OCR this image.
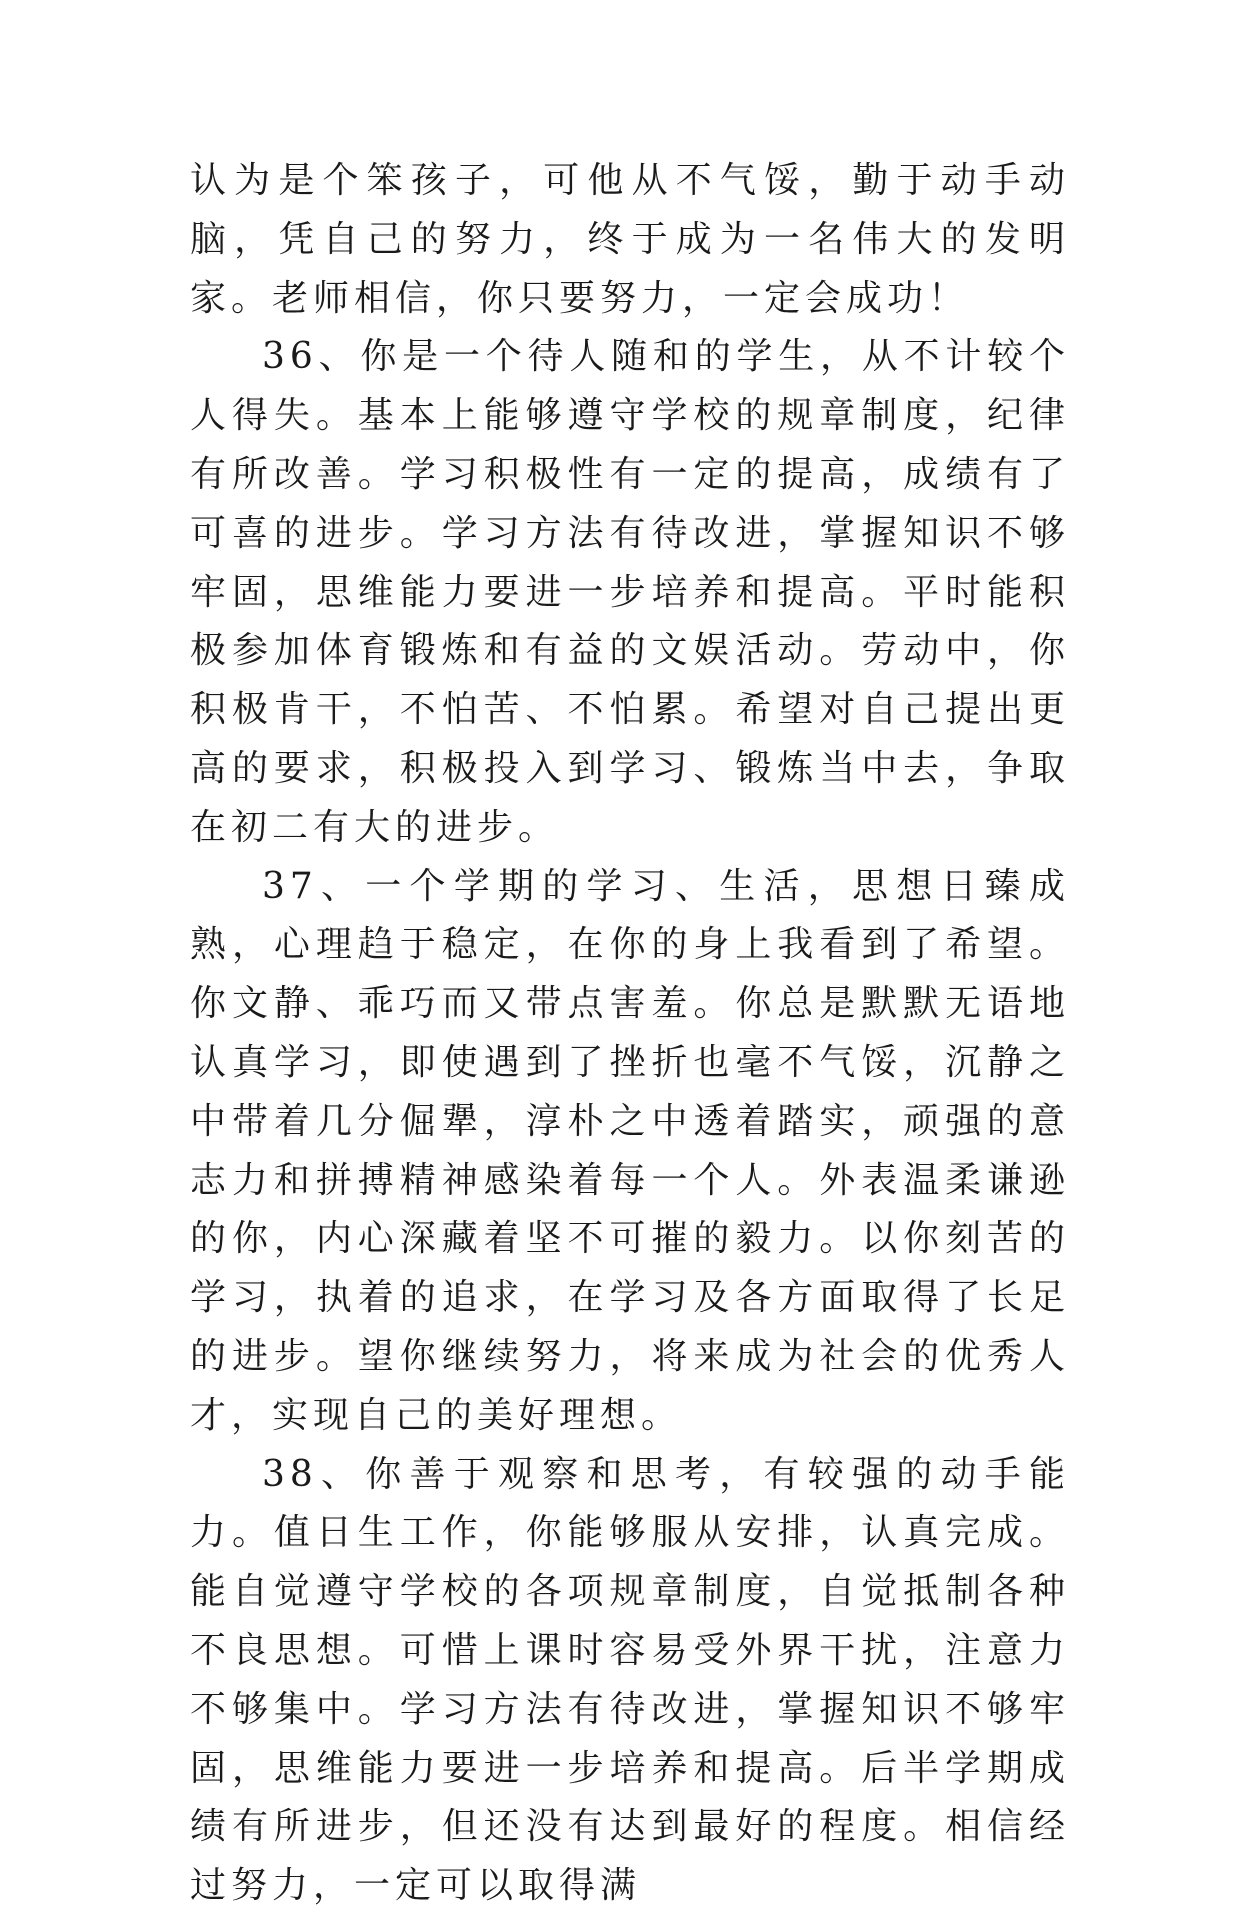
认为是个笨孩子，可他从不气馁，勤于动手动脑，凭自己的努力，终于成为一名伟大的发明家。老师相信，你只要努力，一定会成功！

36、你是一个待人随和的学生，从不计较个人得失。基本上能够遵守学校的规章制度，纪律有所改善。学习积极性有一定的提高，成绩有了可喜的进步。学习方法有待改进，掌握知识不够牢固，思维能力要进一步培养和提高。平时能积极参加体育锻炼和有益的文娱活动。劳动中，你积极肯干，不怕苦、不怕累。希望对自己提出更高的要求，积极投入到学习、锻炼当中去，争取在初二有大的进步。

37、一个学期的学习、生活，思想日臻成熟，心理趋于稳定，在你的身上我看到了希望。你文静、乖巧而又带点害羞。你总是默默无语地认真学习，即使遇到了挫折也毫不气馁，沉静之中带着几分倔犟，淳朴之中透着踏实，顽强的意志力和拼搏精神感染着每一个人。外表温柔谦逊的你，内心深藏着坚不可摧的毅力。以你刻苦的学习，执着的追求，在学习及各方面取得了长足的进步。望你继续努力，将来成为社会的优秀人才，实现自己的美好理想。

38、你善于观察和思考，有较强的动手能力。值日生工作，你能够服从安排，认真完成。能自觉遵守学校的各项规章制度，自觉抵制各种不良思想。可惜上课时容易受外界干扰，注意力不够集中。学习方法有待改进，掌握知识不够牢固，思维能力要进一步培养和提高。后半学期成绩有所进步，但还没有达到最好的程度。相信经过努力，一定可以取得满
